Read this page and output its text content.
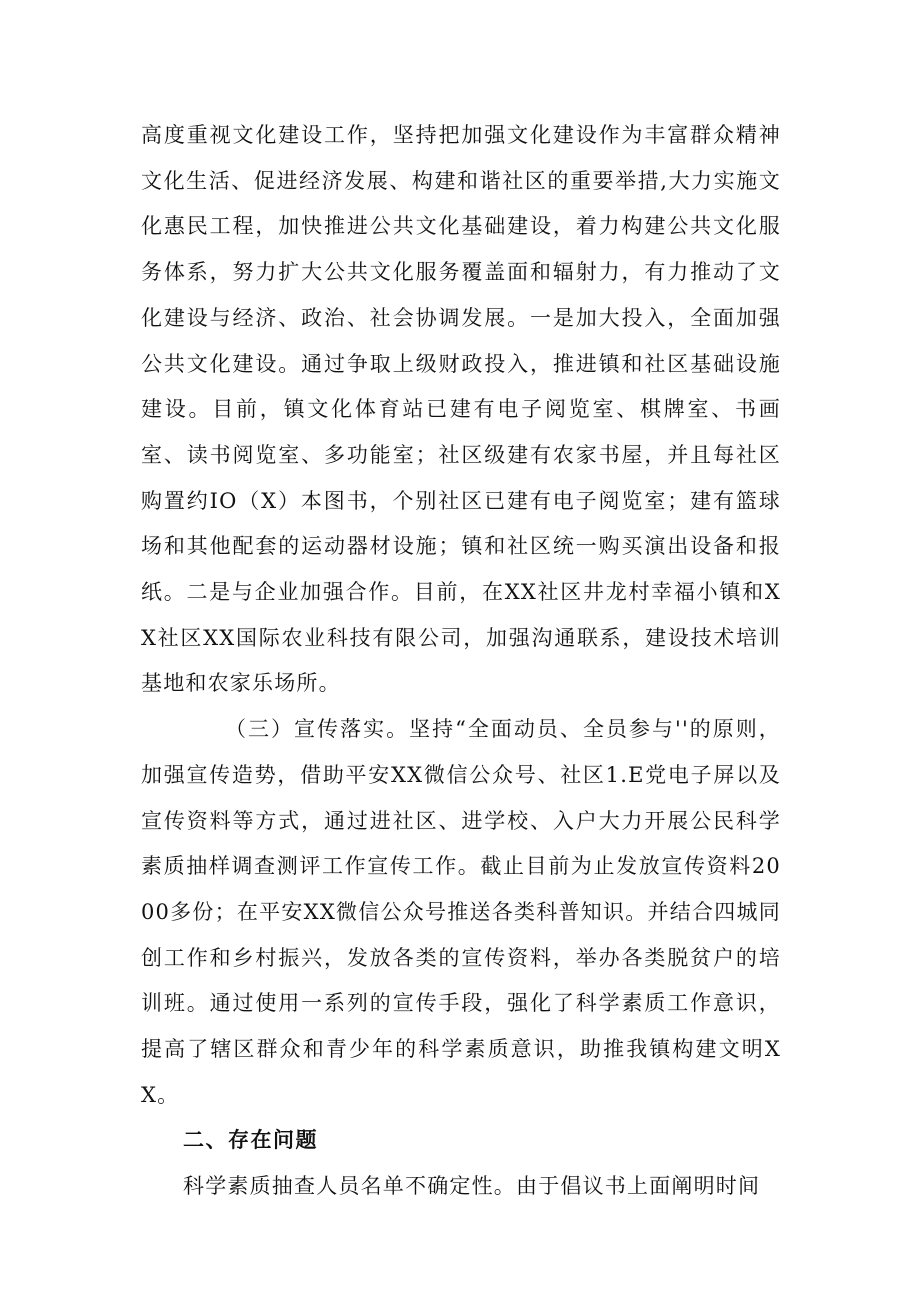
高度重视文化建设工作，坚持把加强文化建设作为丰富群众精神文化生活、促进经济发展、构建和谐社区的重要举措,大力实施文化惠民工程，加快推进公共文化基础建设，着力构建公共文化服务体系，努力扩大公共文化服务覆盖面和辐射力，有力推动了文化建设与经济、政治、社会协调发展。一是加大投入，全面加强公共文化建设。通过争取上级财政投入，推进镇和社区基础设施建设。目前，镇文化体育站已建有电子阅览室、棋牌室、书画室、读书阅览室、多功能室；社区级建有农家书屋，并且每社区购置约IO（X）本图书，个别社区已建有电子阅览室；建有篮球场和其他配套的运动器材设施；镇和社区统一购买演出设备和报纸。二是与企业加强合作。目前，在XX社区井龙村幸福小镇和XX社区XX国际农业科技有限公司，加强沟通联系，建设技术培训基地和农家乐场所。

（三）宣传落实。坚持“全面动员、全员参与''的原则，加强宣传造势，借助平安XX微信公众号、社区1.E党电子屏以及宣传资料等方式，通过进社区、进学校、入户大力开展公民科学素质抽样调查测评工作宣传工作。截止目前为止发放宣传资料2000多份；在平安XX微信公众号推送各类科普知识。并结合四城同创工作和乡村振兴，发放各类的宣传资料，举办各类脱贫户的培训班。通过使用一系列的宣传手段，强化了科学素质工作意识，提高了辖区群众和青少年的科学素质意识，助推我镇构建文明XX。

二、存在问题

科学素质抽查人员名单不确定性。由于倡议书上面阐明时间
